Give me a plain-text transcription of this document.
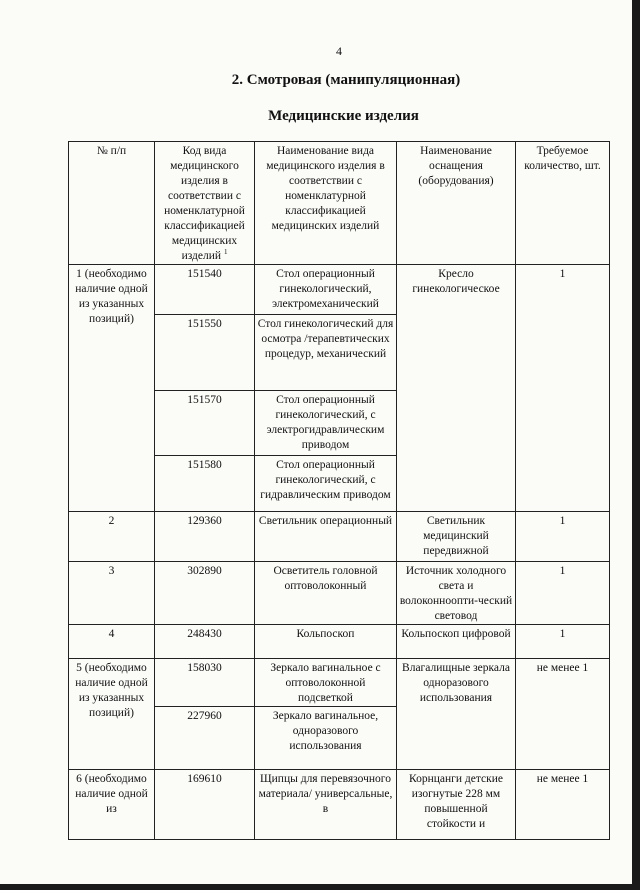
4
2. Смотровая (манипуляционная)
Медицинские изделия
№ п/п	Код вида медицинского изделия в соответствии с номенклатурной классификацией медицинских изделий $^1$	Наименование вида медицинского изделия в соответствии с номенклатурной классификацией медицинских изделий	Наименование оснащения (оборудования)	Требуемое количество, шт.
1 (необходимо наличие одной из указанных позиций)	151540	Стол операционный гинекологический, электромеханический	Кресло гинекологическое	1
	151550	Стол гинекологический для осмотра /терапевтических процедур, механический		
	151570	Стол операционный гинекологический, с электрогидравлическим приводом		
	151580	Стол операционный гинекологический, с гидравлическим приводом		
2	129360	Светильник операционный	Светильник медицинский передвижной	1
3	302890	Осветитель головной оптоволоконный	Источник холодного света и волоконноопти-ческий световод	1
4	248430	Кольпоскоп	Кольпоскоп цифровой	1
5 (необходимо наличие одной из указанных позиций)	158030	Зеркало вагинальное с оптоволоконной подсветкой	Влагалищные зеркала одноразового использования	не менее 1
	227960	Зеркало вагинальное, одноразового использования		
6 (необходимо наличие одной из	169610	Щипцы для перевязочного материала/ универсальные, в	Корнцанги детские изогнутые 228 мм повышенной стойкости и	не менее 1
